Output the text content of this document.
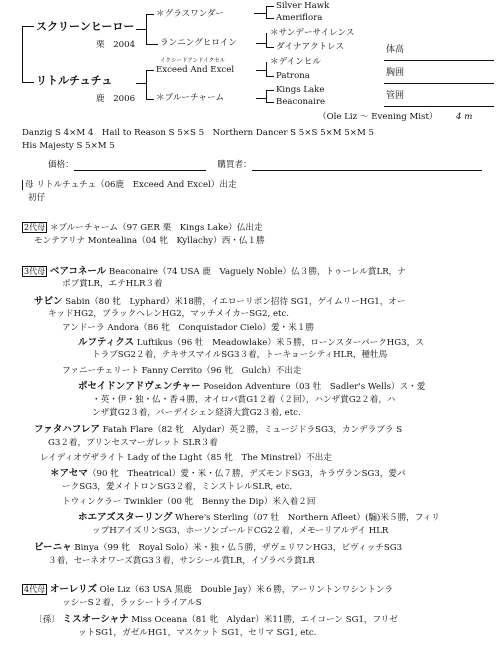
スクリーンヒーロー
栗　2004
リトルチュチュ
鹿　2006
＊グラスワンダー
ランニングヒロイン
イクシードアンドイクセル
Exceed And Excel
＊ブルーチャーム
Silver Hawk
Ameriflora
＊サンデーサイレンス
ダイナアクトレス
＊デインヒル
Patrona
Kings Lake
Beaconaire
体高
胸囲
管囲
（Ole Liz ～ Evening Mist） 4 m
Danzig S 4×M 4　Hail to Reason S 5×S 5　Northern Dancer S 5×S 5×M 5×M 5
His Majesty S 5×M 5
価格：	購買者：
母 リトルチュチュ（06鹿　Exceed And Excel）出走
初仔
2代母 ＊ブルーチャーム（97 GER 栗　Kings Lake）仏出走
モンテアリナ Montealina（04 牝　Kyllachy）西・仏１勝
3代母 ベアコネール Beaconaire（74 USA 鹿　Vaguely Noble）仏３勝，トゥーレル賞LR，ナ
ボブ賞LR，エテHLR３着
サビン Sabin（80 牝　Lyphard）米18勝，イエローリボン招待 SG1，ゲイムリーHG1，オー
キッドHG2，ブラックヘレンHG2，マッチメイカーSG2, etc.
アンドーラ Andora（86 牝　Conquistador Cielo）愛・米１勝
ルフティクス Luftikus（96 牡　Meadowlake）米５勝，ローンスターパークHG3，ス
トラブSG2２着，テキサスマイルSG3３着，トーキョーシティHLR，種牡馬
ファニーチェリート Fanny Cerrito（96 牝　Gulch）不出走
ポセイドンアドヴェンチャー Poseidon Adventure（03 牡　Sadler's Wells）ス・愛
・英・伊・独・仏・香４勝，オイロパ賞G1２着（２回），ハンザ賞G2２着，ハ
ンザ賞G2３着，バーデイシェン経済大賞G2３着, etc.
ファタハフレア Fatah Flare（82 牝　Alydar）英２勝，ミュージドラSG3，カンデラブラ S
G3２着，プリンセスマーガレット SLR３着
レイディオヴザライト Lady of the Light（85 牝　The Minstrel）不出走
＊アセマ（90 牝　Theatrical）愛・米・仏７勝，デズモンドSG3，キラヴランSG3，愛パ
ークSG3，愛メイトロンSG3２着，ミンストレルSLR, etc.
トウィンクラー Twinkler（00 牝　Benny the Dip）米入着２回
ホエアズスターリング Where's Sterling（07 牡　Northern Afleet）(騸)米５勝，フィリ
ップHアイズリンSG3，ホーソンゴールドCG2２着，メモーリアルデイ HLR
ビーニャ Binya（99 牝　Royal Solo）米・独・仏５勝，ザヴェリワンHG3，ビヴィッチSG3
３着，セーネオワーズ賞G3３着，サンシール賞LR，イゾラベラ賞LR
4代母 オーレリズ Ole Liz（63 USA 黒鹿　Double Jay）米６勝，アーリントンワシントンラ
ッシーS２着，ラッシートライアルS
〔孫〕 ミスオーシャナ Miss Oceana（81 牝　Alydar）米11勝，エイコーン SG1，フリゼ
ットSG1，ガゼルHG1，マスケット SG1，セリマ SG1, etc.
